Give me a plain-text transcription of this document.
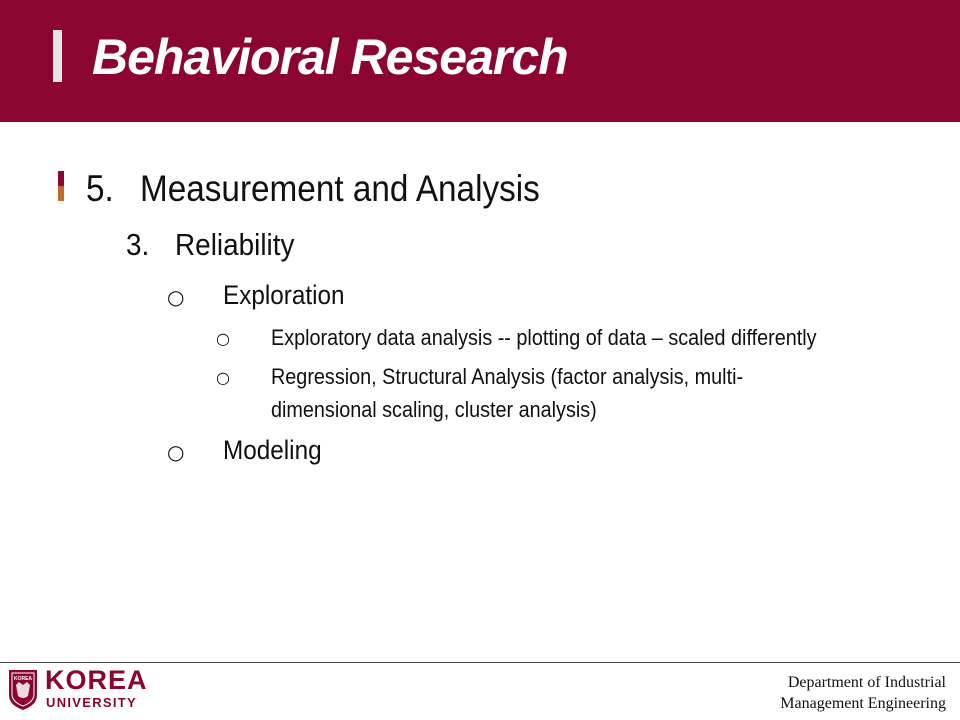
Behavioral Research
5. Measurement and Analysis
3. Reliability
○ Exploration
○ Exploratory data analysis -- plotting of data – scaled differently
○ Regression, Structural Analysis (factor analysis, multi-dimensional scaling, cluster analysis)
○ Modeling
KOREA KOREA
UNIVERSITY
Department of Industrial
Management Engineering
